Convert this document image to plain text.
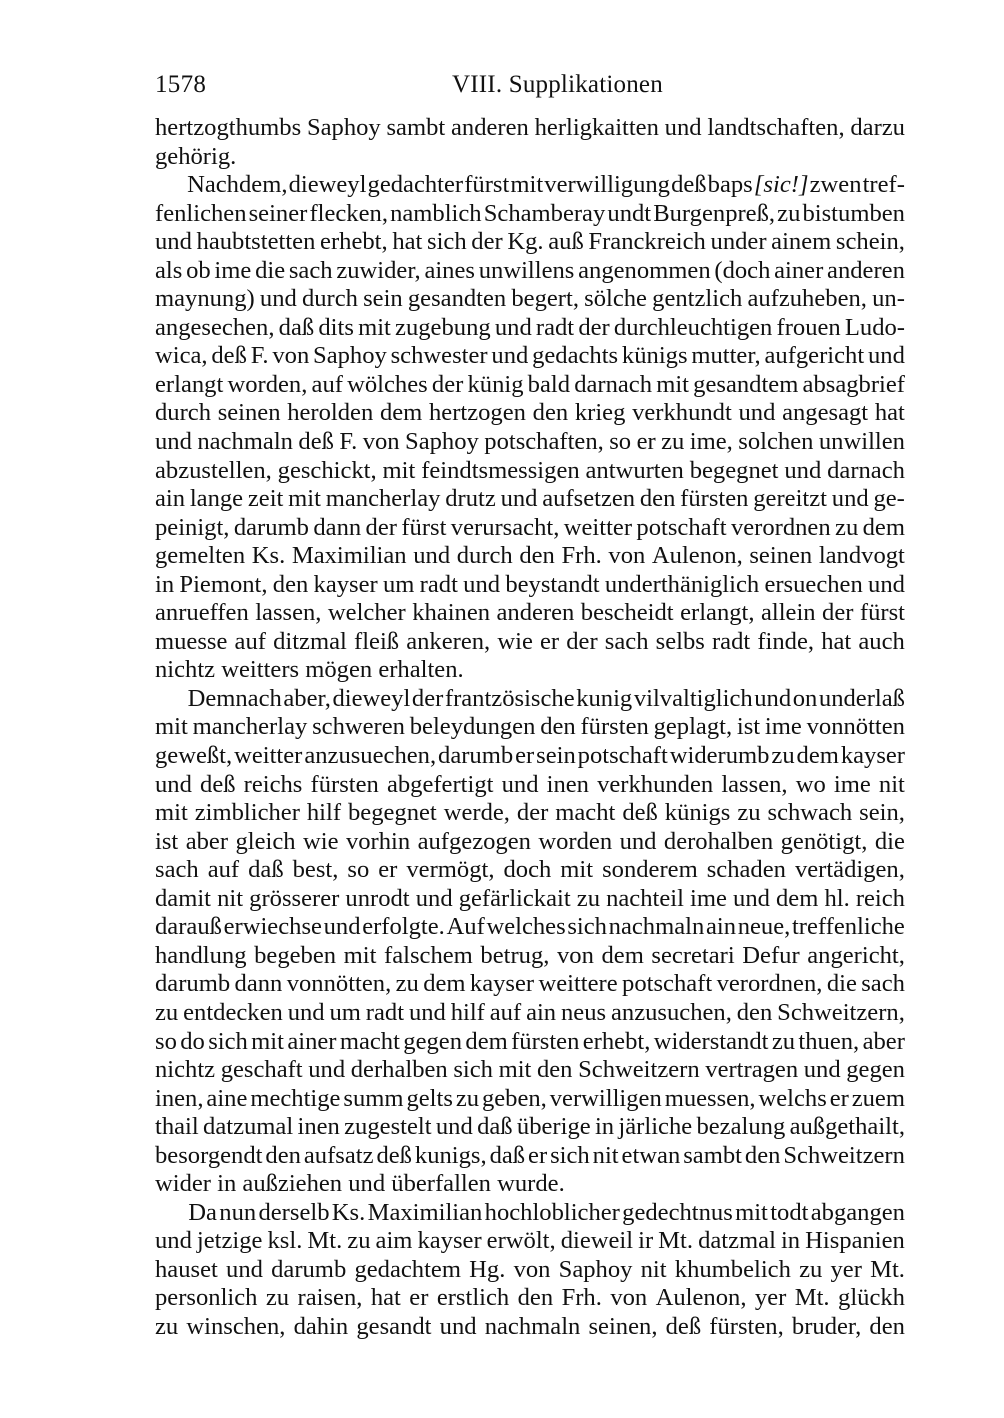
1578	VIII. Supplikationen

hertzogthumbs Saphoy sambt anderen herligkaitten und landtschaften, darzu
gehörig.

Nachdem, dieweyl gedachter fürst mit verwilligung deß baps [sic!] zwen tref-
fenlichen seiner flecken, namblich Schamberay undt Burgenpreß, zu bistumben
und haubtstetten erhebt, hat sich der Kg. auß Franckreich under ainem schein,
als ob ime die sach zuwider, aines unwillens angenommen (doch ainer anderen
maynung) und durch sein gesandten begert, sölche gentzlich aufzuheben, un-
angesechen, daß dits mit zugebung und radt der durchleuchtigen frouen Ludo-
wica, deß F. von Saphoy schwester und gedachts künigs mutter, aufgericht und
erlangt worden, auf wölches der künig bald darnach mit gesandtem absagbrief
durch seinen herolden dem hertzogen den krieg verkhundt und angesagt hat
und nachmaln deß F. von Saphoy potschaften, so er zu ime, solchen unwillen
abzustellen, geschickt, mit feindtsmessigen antwurten begegnet und darnach
ain lange zeit mit mancherlay drutz und aufsetzen den fürsten gereitzt und ge-
peinigt, darumb dann der fürst verursacht, weitter potschaft verordnen zu dem
gemelten Ks. Maximilian und durch den Frh. von Aulenon, seinen landvogt
in Piemont, den kayser um radt und beystandt underthäniglich ersuechen und
anrueffen lassen, welcher khainen anderen bescheidt erlangt, allein der fürst
muesse auf ditzmal fleiß ankeren, wie er der sach selbs radt finde, hat auch
nichtz weitters mögen erhalten.

Demnach aber, dieweyl der frantzösische kunig vilvaltiglich und on underlaß
mit mancherlay schweren beleydungen den fürsten geplagt, ist ime vonnötten
geweßt, weitter anzusuechen, darumb er sein potschaft widerumb zu dem kayser
und deß reichs fürsten abgefertigt und inen verkhunden lassen, wo ime nit
mit zimblicher hilf begegnet werde, der macht deß künigs zu schwach sein,
ist aber gleich wie vorhin aufgezogen worden und derohalben genötigt, die
sach auf daß best, so er vermögt, doch mit sonderem schaden vertädigen,
damit nit grösserer unrodt und gefärlickait zu nachteil ime und dem hl. reich
darauß erwiechse und erfolgte. Auf welches sich nachmaln ain neue, treffenliche
handlung begeben mit falschem betrug, von dem secretari Defur angericht,
darumb dann vonnötten, zu dem kayser weittere potschaft verordnen, die sach
zu entdecken und um radt und hilf auf ain neus anzusuchen, den Schweitzern,
so do sich mit ainer macht gegen dem fürsten erhebt, widerstandt zu thuen, aber
nichtz geschaft und derhalben sich mit den Schweitzern vertragen und gegen
inen, aine mechtige summ gelts zu geben, verwilligen muessen, welchs er zuem
thail datzumal inen zugestelt und daß überige in järliche bezalung außgethailt,
besorgendt den aufsatz deß kunigs, daß er sich nit etwan sambt den Schweitzern
wider in außziehen und überfallen wurde.

Da nun derselb Ks. Maximilian hochloblicher gedechtnus mit todt abgangen
und jetzige ksl. Mt. zu aim kayser erwölt, dieweil ir Mt. datzmal in Hispanien
hauset und darumb gedachtem Hg. von Saphoy nit khumbelich zu yer Mt.
personlich zu raisen, hat er erstlich den Frh. von Aulenon, yer Mt. glückh
zu winschen, dahin gesandt und nachmaln seinen, deß fürsten, bruder, den
